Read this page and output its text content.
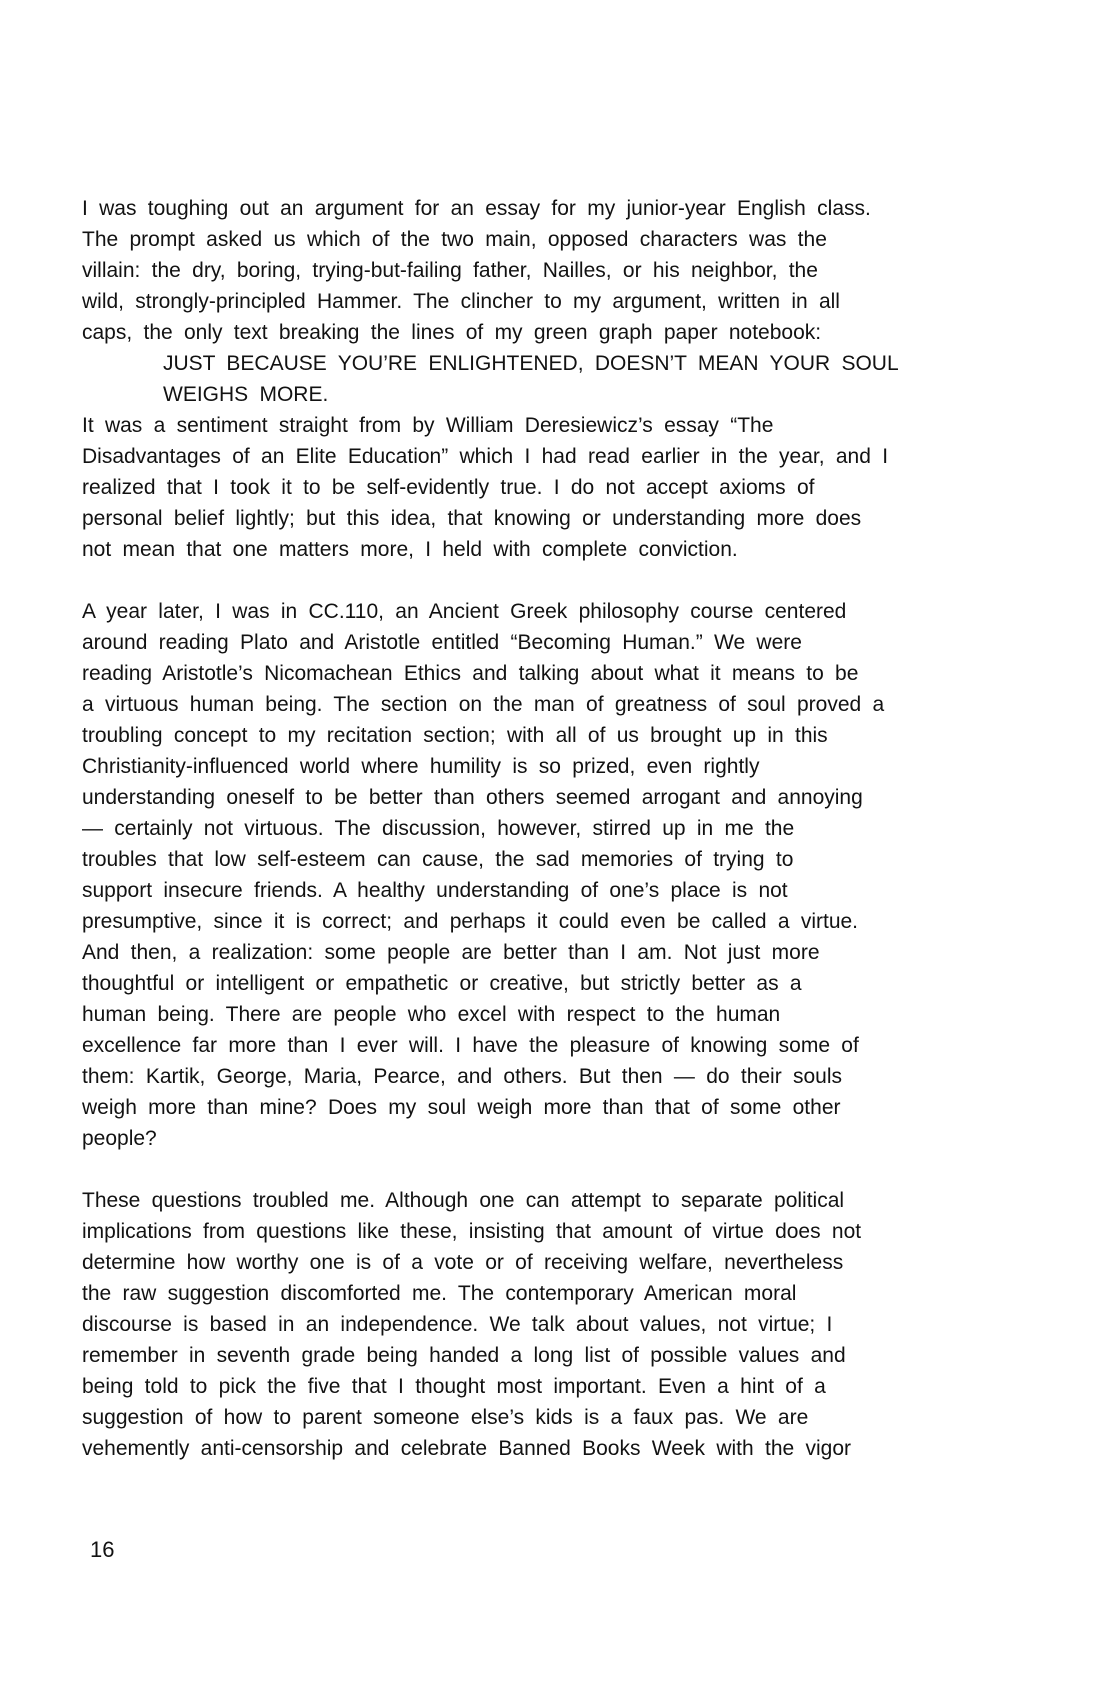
I was toughing out an argument for an essay for my junior-year English class.
The prompt asked us which of the two main, opposed characters was the
villain: the dry, boring, trying-but-failing father, Nailles, or his neighbor, the
wild, strongly-principled Hammer. The clincher to my argument, written in all
caps, the only text breaking the lines of my green graph paper notebook:
JUST BECAUSE YOU’RE ENLIGHTENED, DOESN’T MEAN YOUR SOUL
WEIGHS MORE.
It was a sentiment straight from by William Deresiewicz’s essay “The
Disadvantages of an Elite Education” which I had read earlier in the year, and I
realized that I took it to be self-evidently true. I do not accept axioms of
personal belief lightly; but this idea, that knowing or understanding more does
not mean that one matters more, I held with complete conviction.
A year later, I was in CC.110, an Ancient Greek philosophy course centered
around reading Plato and Aristotle entitled “Becoming Human.” We were
reading Aristotle’s Nicomachean Ethics and talking about what it means to be
a virtuous human being. The section on the man of greatness of soul proved a
troubling concept to my recitation section; with all of us brought up in this
Christianity-influenced world where humility is so prized, even rightly
understanding oneself to be better than others seemed arrogant and annoying
— certainly not virtuous. The discussion, however, stirred up in me the
troubles that low self-esteem can cause, the sad memories of trying to
support insecure friends. A healthy understanding of one’s place is not
presumptive, since it is correct; and perhaps it could even be called a virtue.
And then, a realization: some people are better than I am. Not just more
thoughtful or intelligent or empathetic or creative, but strictly better as a
human being. There are people who excel with respect to the human
excellence far more than I ever will. I have the pleasure of knowing some of
them: Kartik, George, Maria, Pearce, and others. But then — do their souls
weigh more than mine? Does my soul weigh more than that of some other
people?
These questions troubled me. Although one can attempt to separate political
implications from questions like these, insisting that amount of virtue does not
determine how worthy one is of a vote or of receiving welfare, nevertheless
the raw suggestion discomforted me. The contemporary American moral
discourse is based in an independence. We talk about values, not virtue; I
remember in seventh grade being handed a long list of possible values and
being told to pick the five that I thought most important. Even a hint of a
suggestion of how to parent someone else’s kids is a faux pas. We are
vehemently anti-censorship and celebrate Banned Books Week with the vigor
16
